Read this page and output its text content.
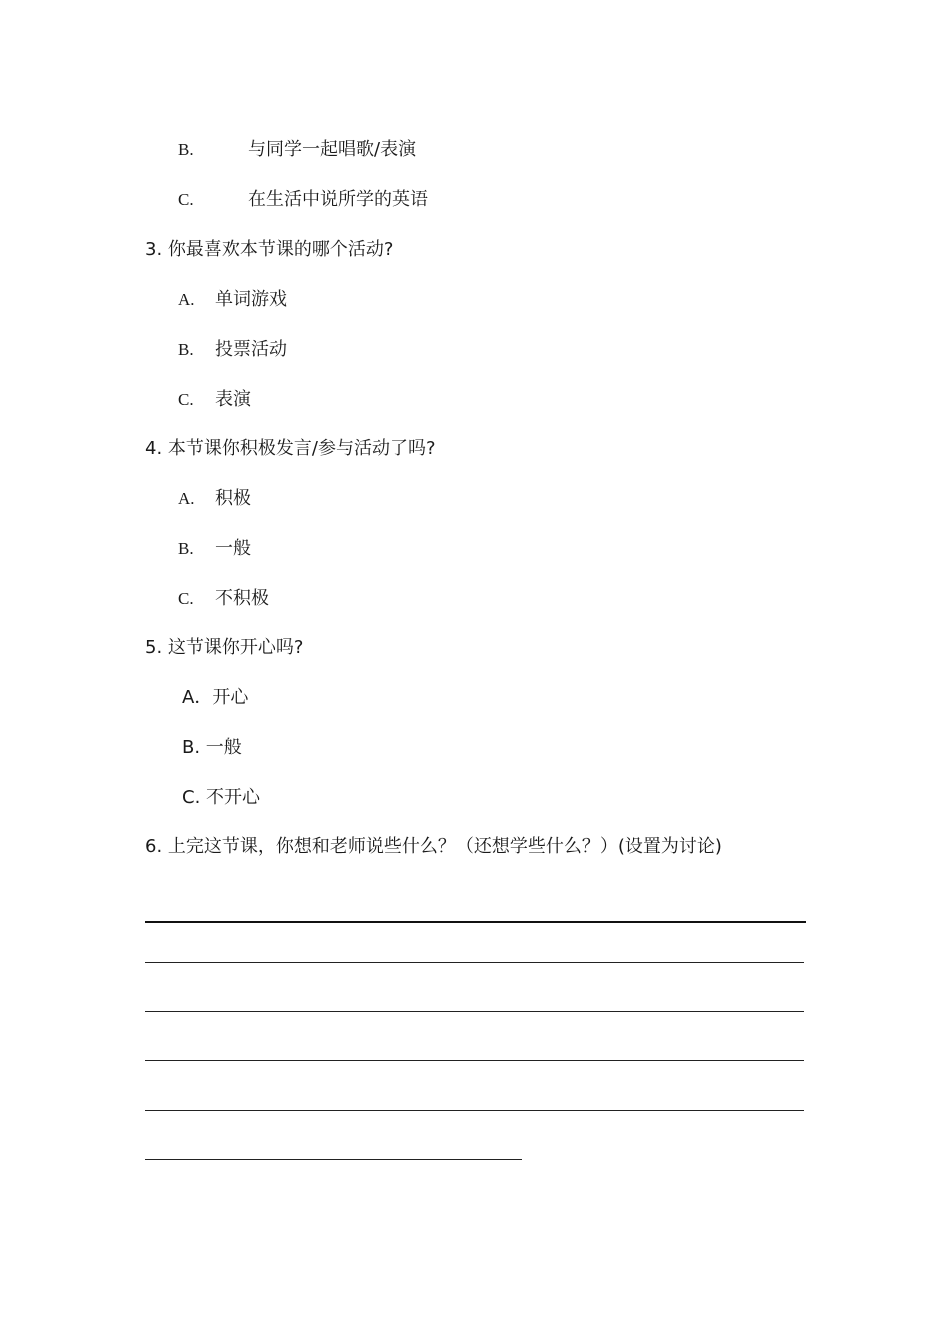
B.	与同学一起唱歌/表演
C.	在生活中说所学的英语
3. 你最喜欢本节课的哪个活动?
A. 单词游戏
B. 投票活动
C. 表演
4. 本节课你积极发言/参与活动了吗?
A. 积极
B. 一般
C. 不积极
5. 这节课你开心吗?
A．开心
B. 一般
C. 不开心
6. 上完这节课，你想和老师说些什么？（还想学些什么？）(设置为讨论)
